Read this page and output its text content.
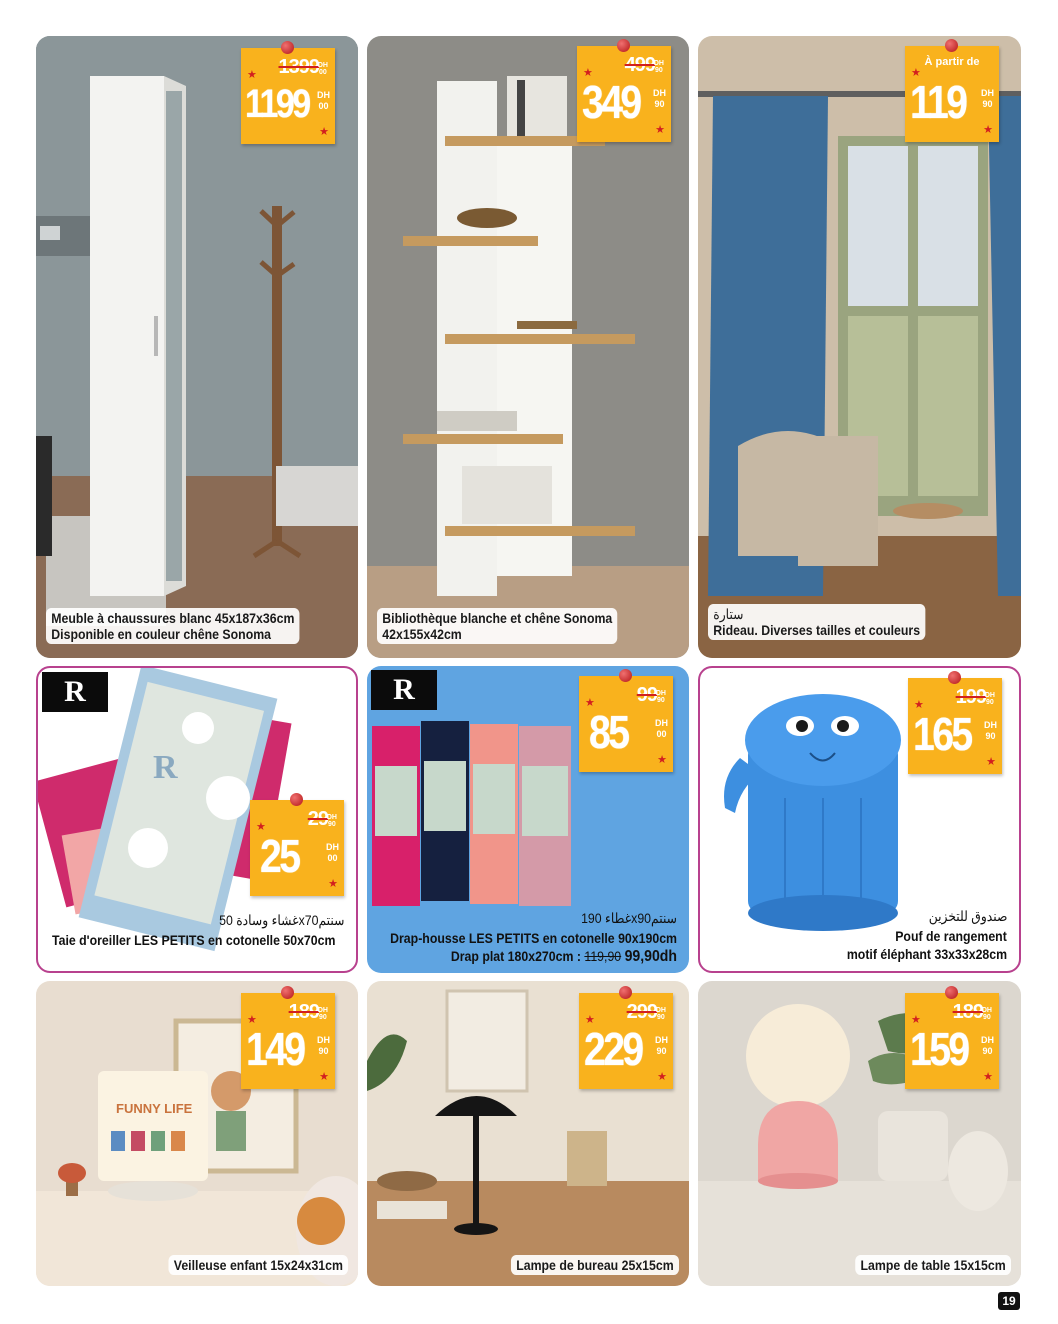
★
★
1399
DH
00
1199 DH
00
Meuble à chaussures blanc 45x187x36cm
Disponible en couleur chêne Sonoma
★
★
499
DH
90
349 DH
90
Bibliothèque blanche et chêne Sonoma
42x155x42cm
★
★
À partir de
119 DH
90
ستارة
Rideau. Diverses tailles et couleurs
R
R
★
★
29
DH
90
25	DH
00
غشاء وسادة 50x70سنتم
Taie d'oreiller LES PETITS en cotonelle 50x70cm
R	★
★
99
DH
90
85	DH
00
غطاء 190x90سنتم
Drap-housse LES PETITS en cotonelle 90x190cm
Drap plat 180x270cm : 119,90 99,90dh
★
★
199
DH
90
165 DH
90
صندوق للتخزين
Pouf de rangement
motif éléphant 33x33x28cm
FUNNY LIFE
★
★
189
DH
90
149 DH
90
Veilleuse enfant 15x24x31cm
★
★
299
DH
90
229 DH
90
Lampe de bureau 25x15cm
★
★
189
DH
90
159 DH
90
Lampe de table 15x15cm
19
